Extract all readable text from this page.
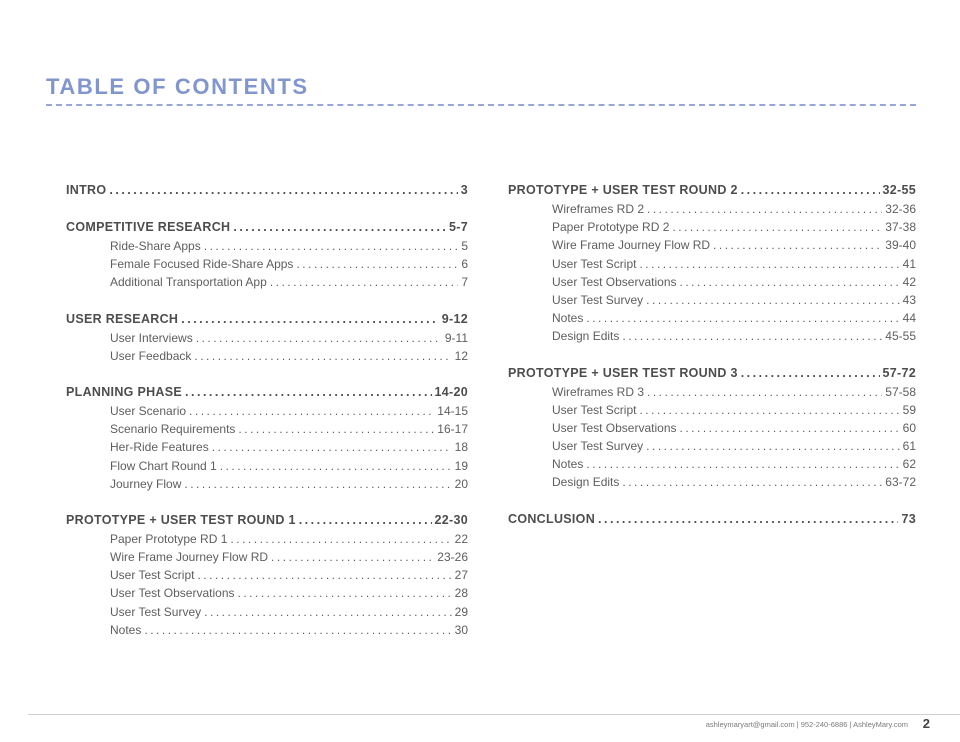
TABLE OF CONTENTS
INTRO .....	3
COMPETITIVE RESEARCH .....	5-7
Ride-Share Apps .....	5
Female Focused Ride-Share Apps .....	6
Additional Transportation App .....	7
USER RESEARCH .....	9-12
User Interviews .....	9-11
User Feedback .....	12
PLANNING PHASE .....	14-20
User Scenario .....	14-15
Scenario Requirements .....	16-17
Her-Ride Features .....	18
Flow Chart Round 1 .....	19
Journey Flow .....	20
PROTOTYPE + USER TEST ROUND 1 .....	22-30
Paper Prototype RD 1 .....	22
Wire Frame Journey Flow RD .....	23-26
User Test Script .....	27
User Test Observations .....	28
User Test Survey .....	29
Notes .....	30
PROTOTYPE + USER TEST ROUND 2 .....	32-55
Wireframes RD 2 .....	32-36
Paper Prototype RD 2 .....	37-38
Wire Frame Journey Flow RD .....	39-40
User Test Script .....	41
User Test Observations .....	42
User Test Survey .....	43
Notes .....	44
Design Edits .....	45-55
PROTOTYPE + USER TEST ROUND 3 .....	57-72
Wireframes RD 3 .....	57-58
User Test Script .....	59
User Test Observations .....	60
User Test Survey .....	61
Notes .....	62
Design Edits .....	63-72
CONCLUSION .....	73
ashleymaryart@gmail.com | 952-240-6886 | AshleyMary.com 2
